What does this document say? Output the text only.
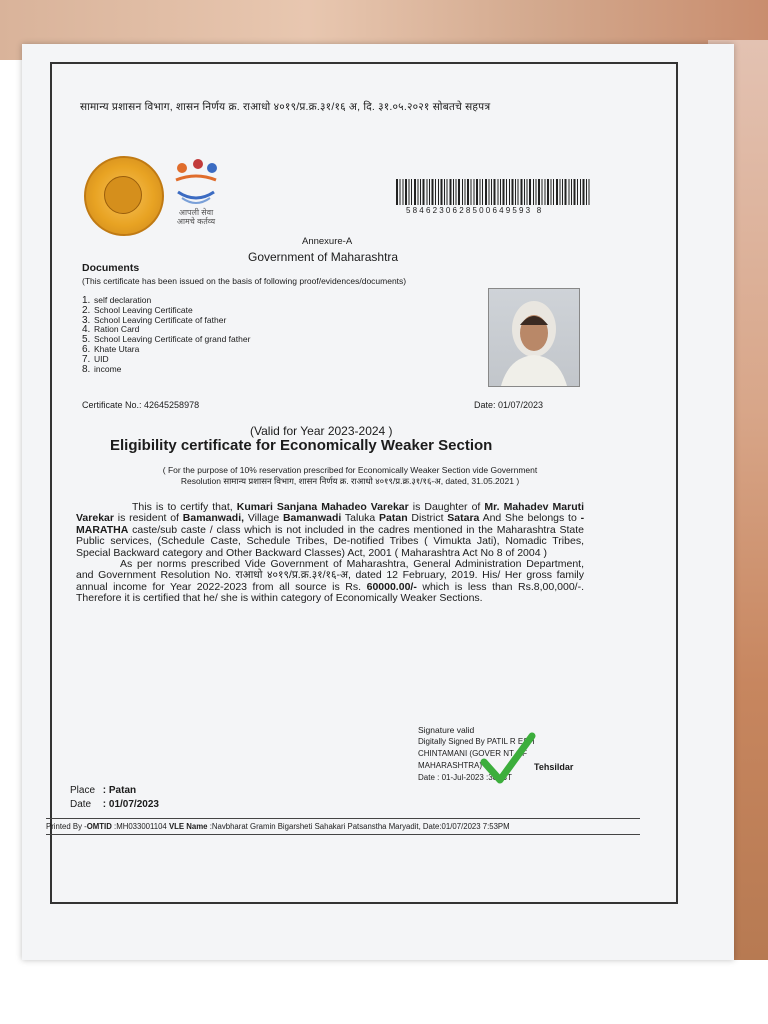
सामान्य प्रशासन विभाग, शासन निर्णय क्र. राआधो ४०१९/प्र.क्र.३१/१६ अ, दि. ३१.०५.२०२१ सोबतचे सहपत्र
आपली सेवा
आमचे कर्तव्य
5846230628500649593 8
Annexure-A
Government of Maharashtra
Documents
(This certificate has been issued on the basis of following proof/evidences/documents)
1. self declaration
2. School Leaving Certificate
3. School Leaving Certificate of father
4. Ration Card
5. School Leaving Certificate of grand father
6. Khate Utara
7. UID
8. income
Certificate No.: 42645258978	Date: 01/07/2023
(Valid for Year 2023-2024 )
Eligibility certificate for Economically Weaker Section
( For the purpose of 10% reservation prescribed for Economically Weaker Section vide Government
Resolution सामान्य प्रशासन विभाग, शासन निर्णय क्र. राआधो ४०१९/प्र.क्र.३१/१६-अ, dated, 31.05.2021 )
This is to certify that, Kumari Sanjana Mahadeo Varekar is Daughter of Mr. Mahadev Maruti Varekar is resident of Bamanwadi, Village Bamanwadi Taluka Patan District Satara And She belongs to - MARATHA caste/sub caste / class which is not included in the cadres mentioned in the Maharashtra State Public services, (Schedule Caste, Schedule Tribes, De-notified Tribes ( Vimukta Jati), Nomadic Tribes, Special Backward category and Other Backward Classes) Act, 2001 ( Maharashtra Act No 8 of 2004 )
As per norms prescribed Vide Government of Maharashtra, General Administration Department, and Government Resolution No. राआधो ४०१९/प्र.क्र.३१/१६-अ, dated 12 February, 2019. His/ Her gross family annual income for Year 2022-2023 from all source is Rs. 60000.00/- which is less than Rs.8,00,000/-. Therefore it is certified that he/ she is within category of Economically Weaker Sections.
Signature valid
Digitally Signed By PATIL R ESH
CHINTAMANI (GOVER NT OF
MAHARASHTRA)
Date : 01-Jul-2023 :38 IST
Tehsildar
Place : Patan
Date : 01/07/2023
Printed By -OMTID :MH033001104 VLE Name :Navbharat Gramin Bigarsheti Sahakari Patsanstha Maryadit, Date:01/07/2023 7:53PM
